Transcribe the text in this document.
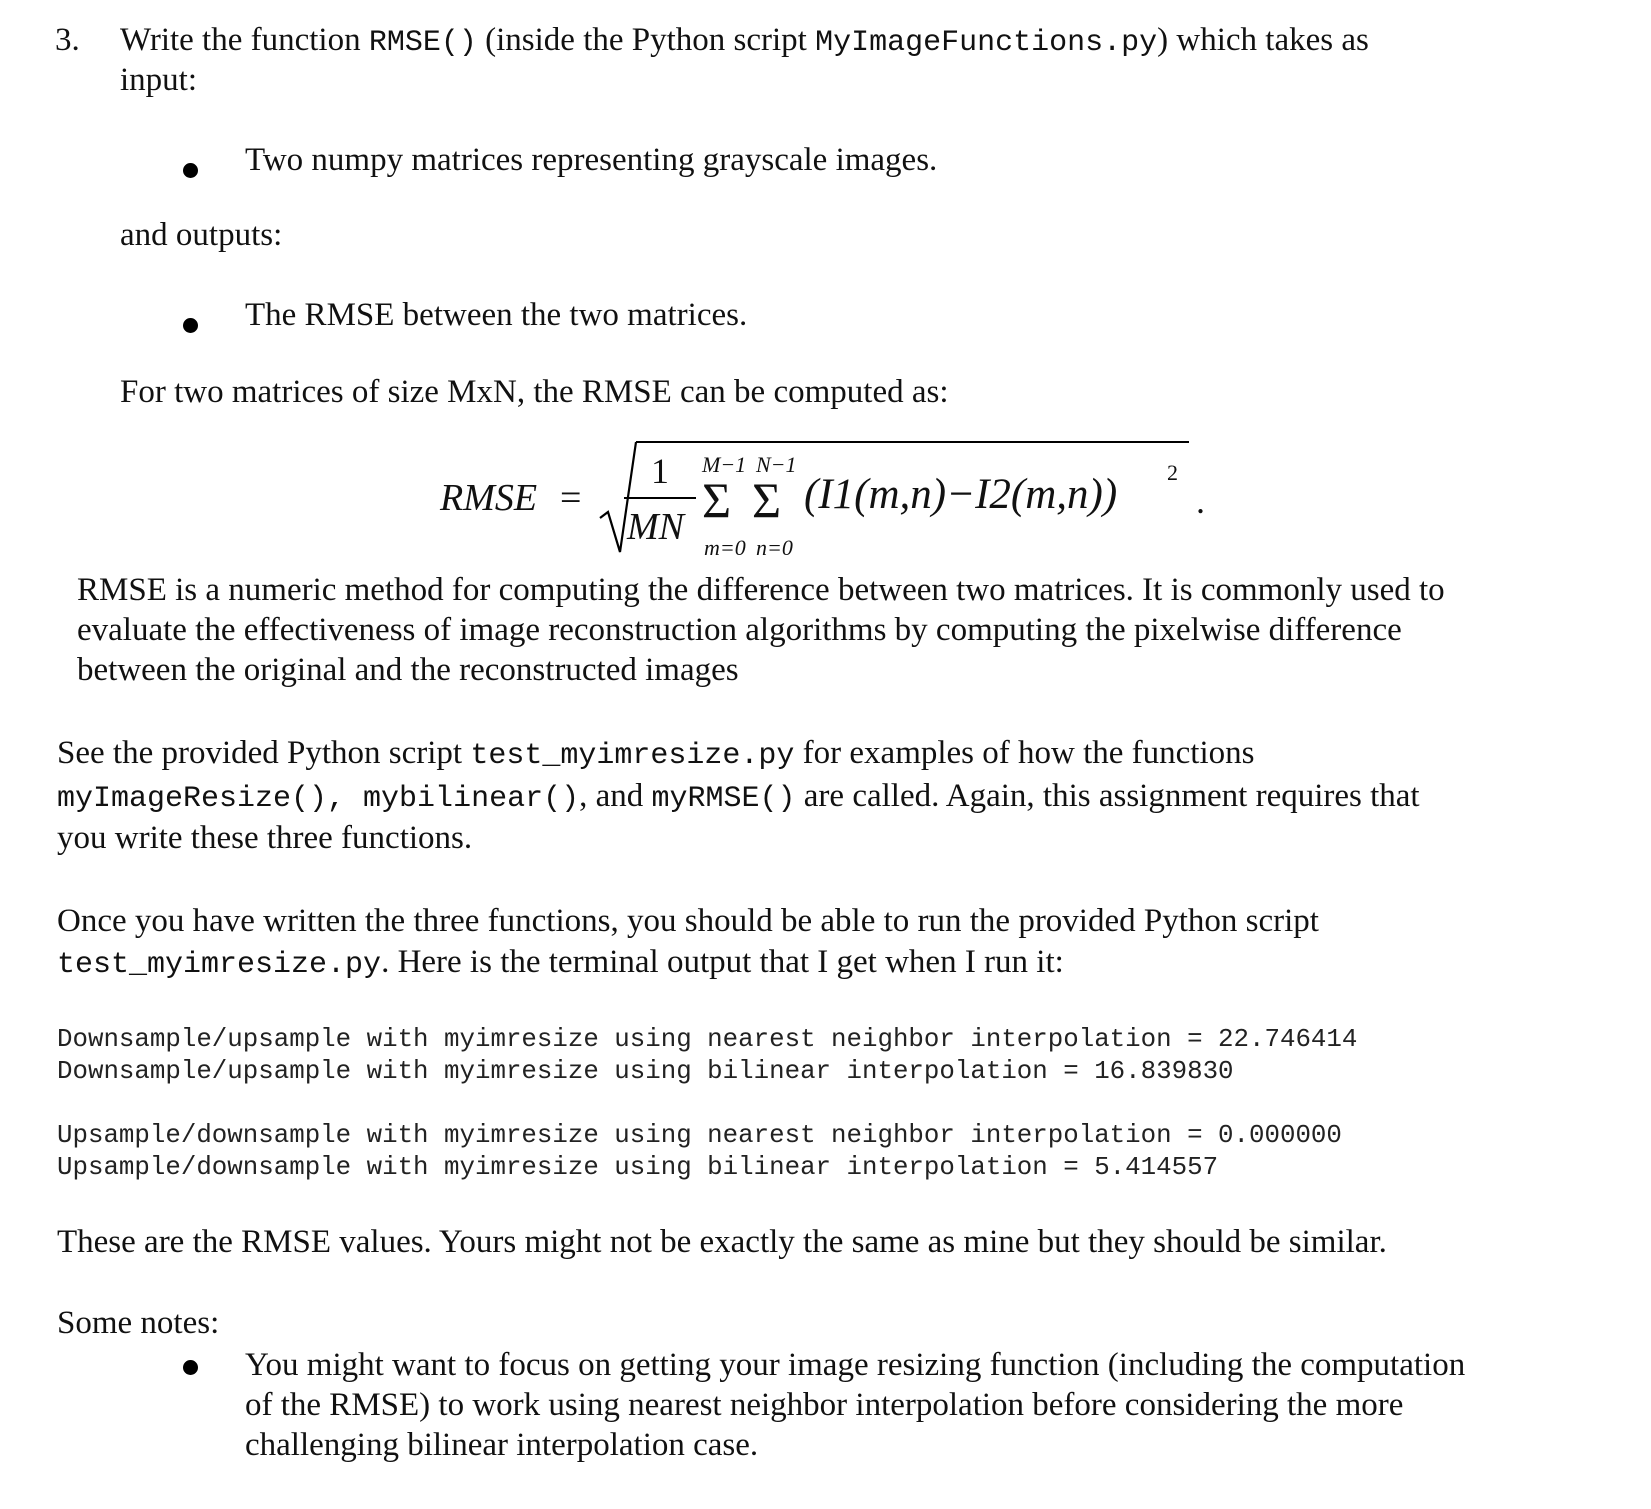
3. Write the function RMSE() (inside the Python script MyImageFunctions.py) which takes as
input:
Two numpy matrices representing grayscale images.
and outputs:
The RMSE between the two matrices.
For two matrices of size MxN, the RMSE can be computed as:
RMSE =
1
MN
M−1 N−1
Σ Σ
m=0 n=0
(I1(m,n)−I2(m,n)) 2
.
RMSE is a numeric method for computing the difference between two matrices. It is commonly used to
evaluate the effectiveness of image reconstruction algorithms by computing the pixelwise difference
between the original and the reconstructed images
See the provided Python script test_myimresize.py for examples of how the functions
myImageResize(), mybilinear(), and myRMSE() are called. Again, this assignment requires that
you write these three functions.
Once you have written the three functions, you should be able to run the provided Python script
test_myimresize.py. Here is the terminal output that I get when I run it:
Downsample/upsample with myimresize using nearest neighbor interpolation = 22.746414
Downsample/upsample with myimresize using bilinear interpolation = 16.839830
Upsample/downsample with myimresize using nearest neighbor interpolation = 0.000000
Upsample/downsample with myimresize using bilinear interpolation = 5.414557
These are the RMSE values. Yours might not be exactly the same as mine but they should be similar.
Some notes:
You might want to focus on getting your image resizing function (including the computation
of the RMSE) to work using nearest neighbor interpolation before considering the more
challenging bilinear interpolation case.
